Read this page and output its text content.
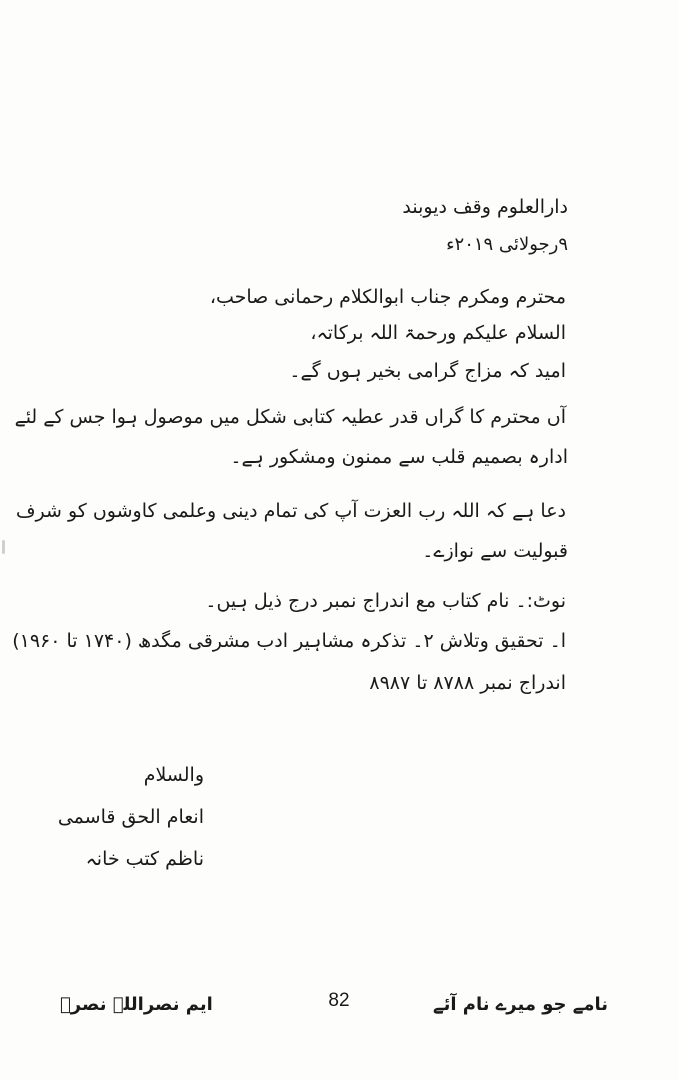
دارالعلوم وقف دیوبند
۹رجولائی ۲۰۱۹ء
محترم ومکرم جناب ابوالکلام رحمانی صاحب،
السلام علیکم ورحمۃ اللہ برکاتہ،
امید کہ مزاج گرامی بخیر ہوں گے۔
آں محترم کا گراں قدر عطیہ کتابی شکل میں موصول ہوا جس کے لئے
ادارہ بصمیم قلب سے ممنون ومشکور ہے۔
دعا ہے کہ اللہ رب العزت آپ کی تمام دینی وعلمی کاوشوں کو شرف
قبولیت سے نوازے۔
نوٹ:۔ نام کتاب مع اندراج نمبر درج ذیل ہیں۔
ا۔ تحقیق وتلاش ۲۔ تذکرہ مشاہیر ادب مشرقی مگدھ (۱۷۴۰ تا ۱۹۶۰)
اندراج نمبر ۸۷۸۸ تا ۸۹۸۷
والسلام
انعام الحق قاسمی
ناظم کتب خانہ
نامے جو میرے نام آئے
82
ایم نصراللہ نصرؔ
